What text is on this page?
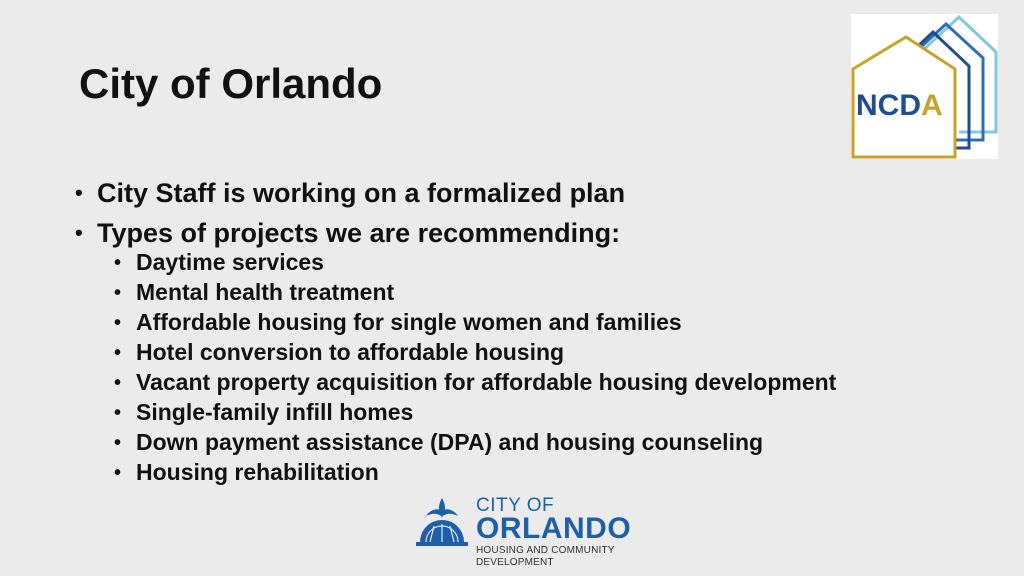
City of Orlando	NCDA
• City Staff is working on a formalized plan
• Types of projects we are recommending:
• Daytime services
• Mental health treatment
• Affordable housing for single women and families
• Hotel conversion to affordable housing
• Vacant property acquisition for affordable housing development
• Single-family infill homes
• Down payment assistance (DPA) and housing counseling
• Housing rehabilitation
CITY OF
ORLANDO
HOUSING AND COMMUNITY
DEVELOPMENT
